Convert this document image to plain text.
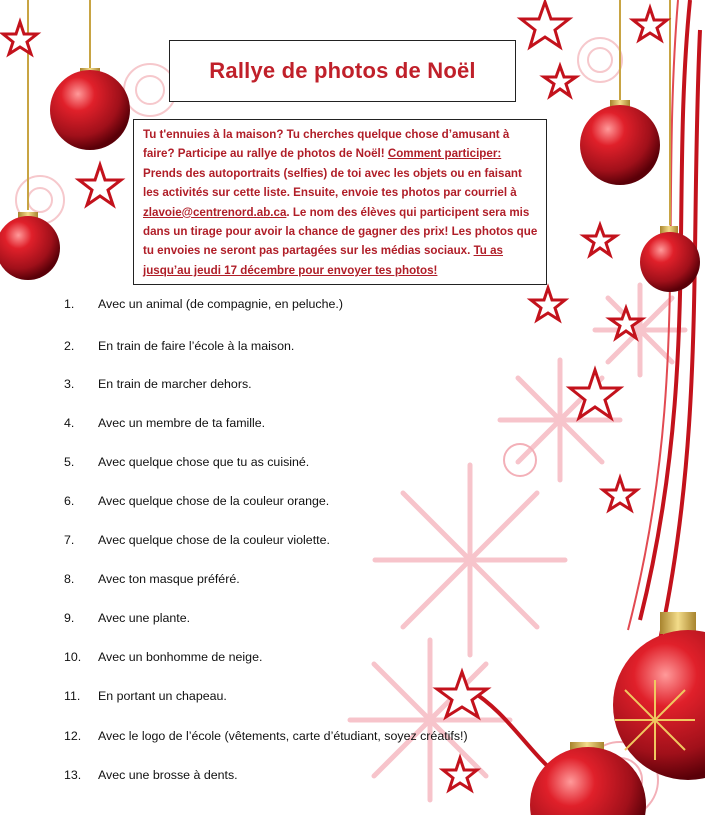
Rallye de photos de Noël
Tu t'ennuies à la maison? Tu cherches quelque chose d’amusant à faire? Participe au rallye de photos de Noël! Comment participer: Prends des autoportraits (selfies) de toi avec les objets ou en faisant les activités sur cette liste. Ensuite, envoie tes photos par courriel à zlavoie@centrenord.ab.ca. Le nom des élèves qui participent sera mis dans un tirage pour avoir la chance de gagner des prix! Les photos que tu envoies ne seront pas partagées sur les médias sociaux. Tu as jusqu’au jeudi 17 décembre pour envoyer tes photos!
1. Avec un animal (de compagnie, en peluche.)
2. En train de faire l’école à la maison.
3. En train de marcher dehors.
4. Avec un membre de ta famille.
5. Avec quelque chose que tu as cuisiné.
6. Avec quelque chose de la couleur orange.
7. Avec quelque chose de la couleur violette.
8. Avec ton masque préféré.
9. Avec une plante.
10. Avec un bonhomme de neige.
11. En portant un chapeau.
12. Avec le logo de l’école (vêtements, carte d’étudiant, soyez créatifs!)
13. Avec une brosse à dents.
